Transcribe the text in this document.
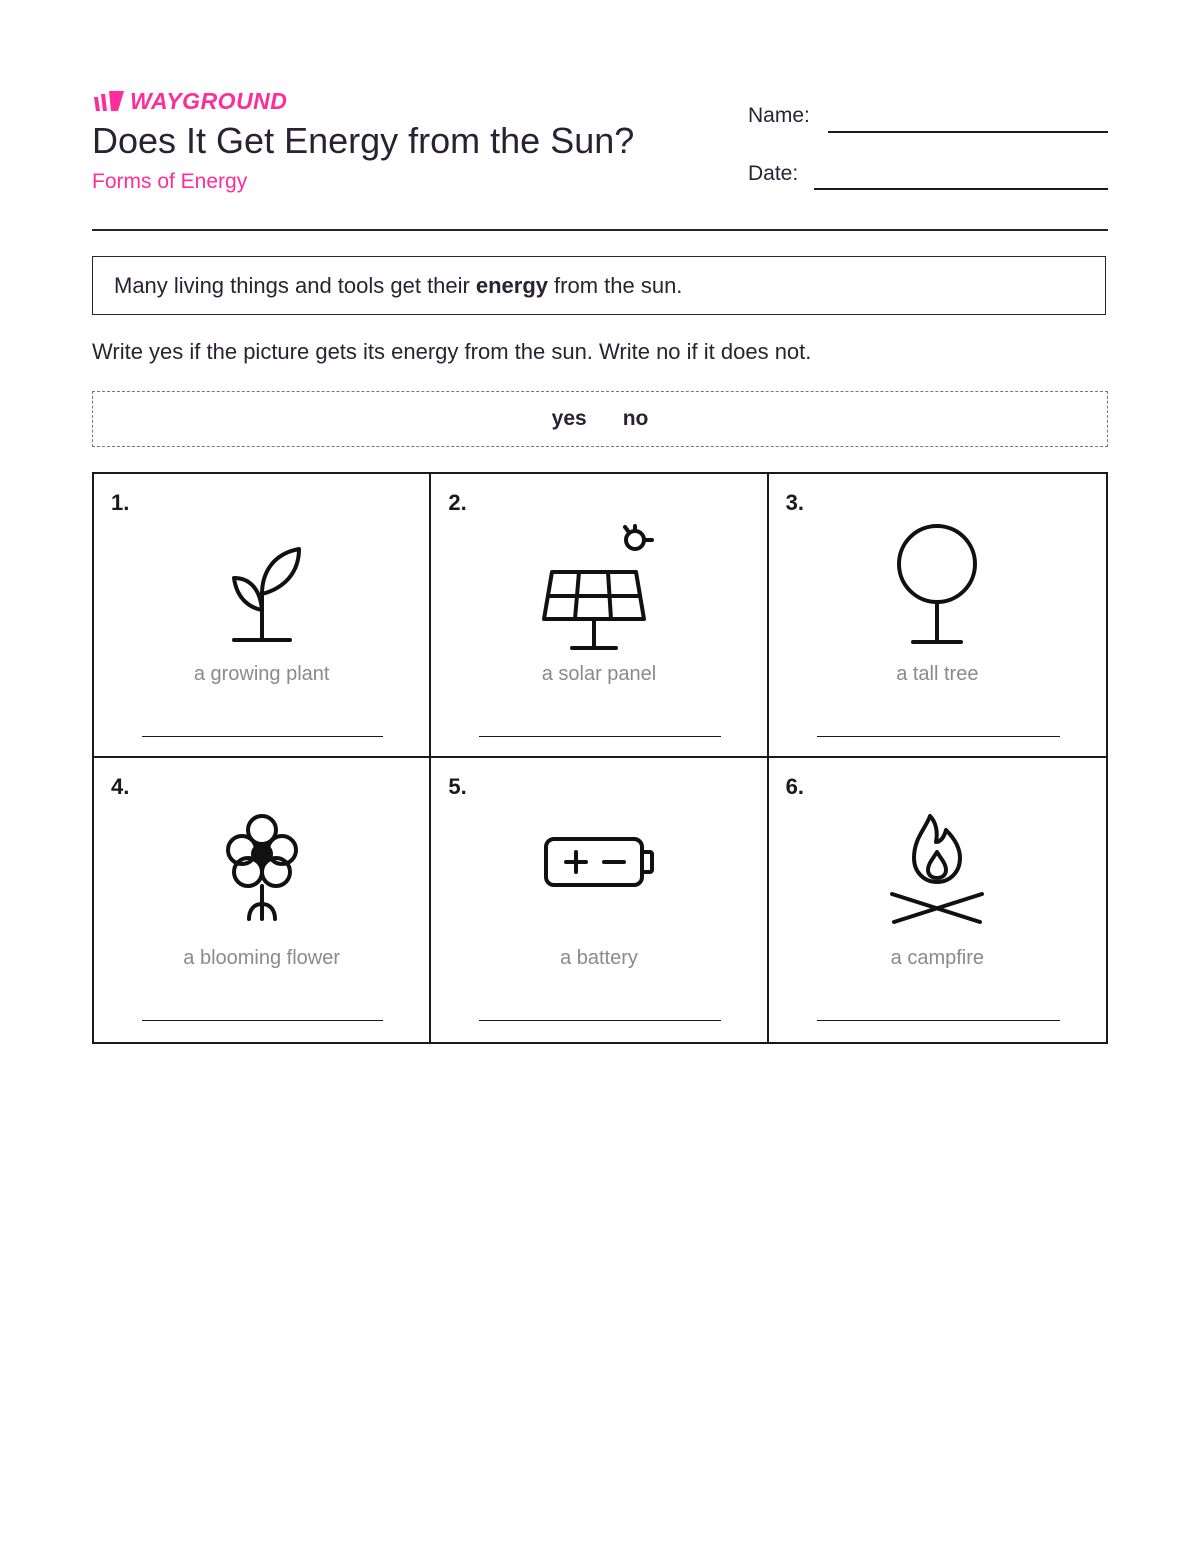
WAYGROUND
Does It Get Energy from the Sun?
Forms of Energy
Name:
Date:
Many living things and tools get their energy from the sun.
Write yes if the picture gets its energy from the sun. Write no if it does not.
yes no
1.
a growing plant
2.
a solar panel
3.
a tall tree
4.
a blooming flower
5.
a battery
6.
a campfire
